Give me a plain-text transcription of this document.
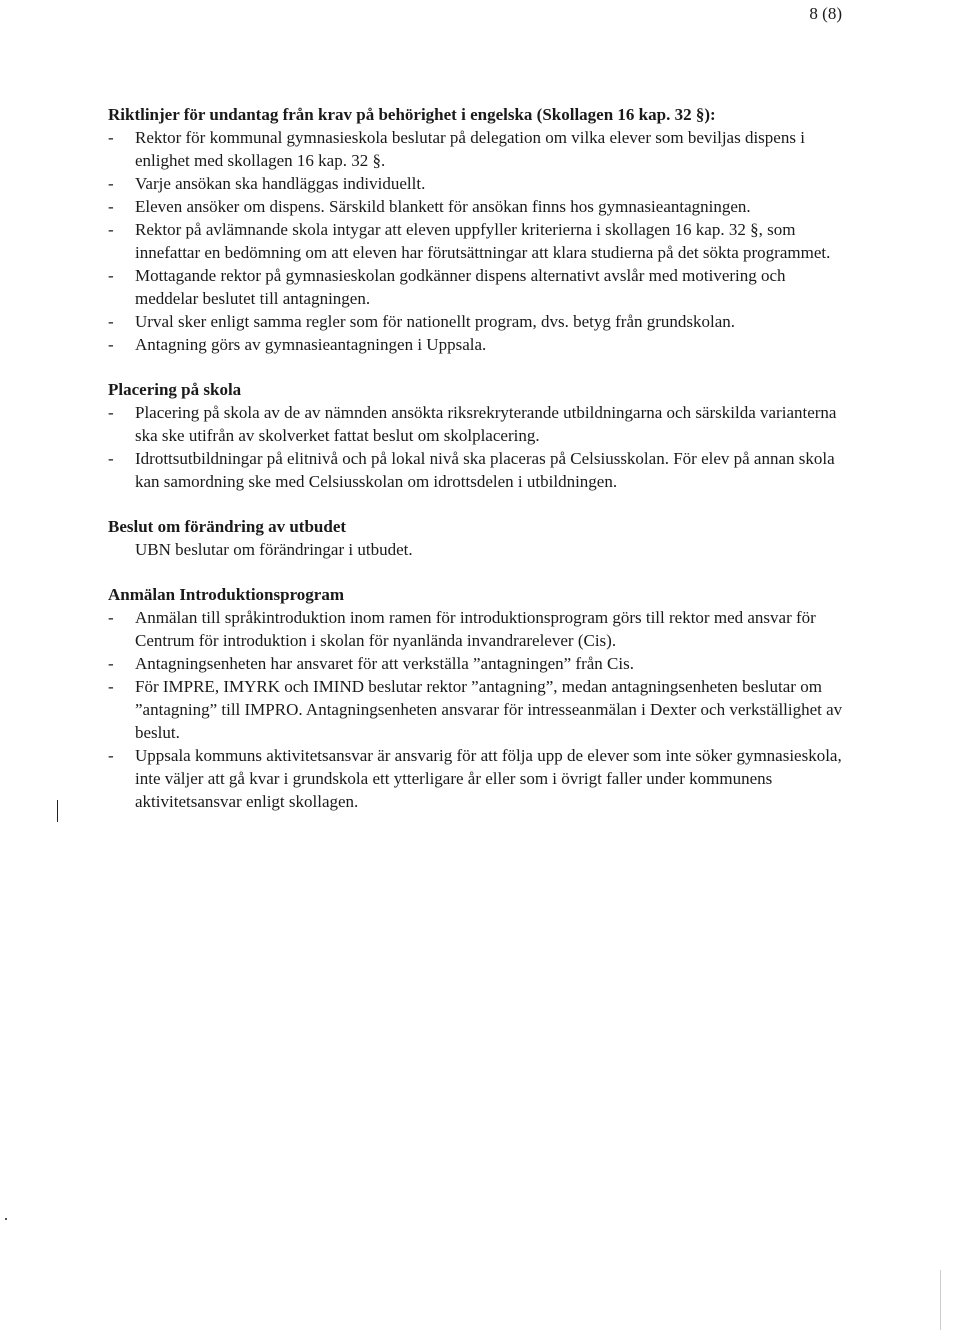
8 (8)

Riktlinjer för undantag från krav på behörighet i engelska (Skollagen 16 kap. 32 §):

- Rektor för kommunal gymnasieskola beslutar på delegation om vilka elever som beviljas dispens i enlighet med skollagen 16 kap. 32 §.
- Varje ansökan ska handläggas individuellt.
- Eleven ansöker om dispens. Särskild blankett för ansökan finns hos gymnasieantagningen.
- Rektor på avlämnande skola intygar att eleven uppfyller kriterierna i skollagen 16 kap. 32 §, som innefattar en bedömning om att eleven har förutsättningar att klara studierna på det sökta programmet.
- Mottagande rektor på gymnasieskolan godkänner dispens alternativt avslår med motivering och meddelar beslutet till antagningen.
- Urval sker enligt samma regler som för nationellt program, dvs. betyg från grundskolan.
- Antagning görs av gymnasieantagningen i Uppsala.

Placering på skola

- Placering på skola av de av nämnden ansökta riksrekryterande utbildningarna och särskilda varianterna ska ske utifrån av skolverket fattat beslut om skolplacering.
- Idrottsutbildningar på elitnivå och på lokal nivå ska placeras på Celsiusskolan. För elev på annan skola kan samordning ske med Celsiusskolan om idrottsdelen i utbildningen.

Beslut om förändring av utbudet

UBN beslutar om förändringar i utbudet.

Anmälan Introduktionsprogram

- Anmälan till språkintroduktion inom ramen för introduktionsprogram görs till rektor med ansvar för Centrum för introduktion i skolan för nyanlända invandrarelever (Cis).
- Antagningsenheten har ansvaret för att verkställa ”antagningen” från Cis.
- För IMPRE, IMYRK och IMIND beslutar rektor ”antagning”, medan antagningsenheten beslutar om ”antagning” till IMPRO. Antagningsenheten ansvarar för intresseanmälan i Dexter och verkställighet av beslut.
- Uppsala kommuns aktivitetsansvar är ansvarig för att följa upp de elever som inte söker gymnasieskola, inte väljer att gå kvar i grundskola ett ytterligare år eller som i övrigt faller under kommunens aktivitetsansvar enligt skollagen.
